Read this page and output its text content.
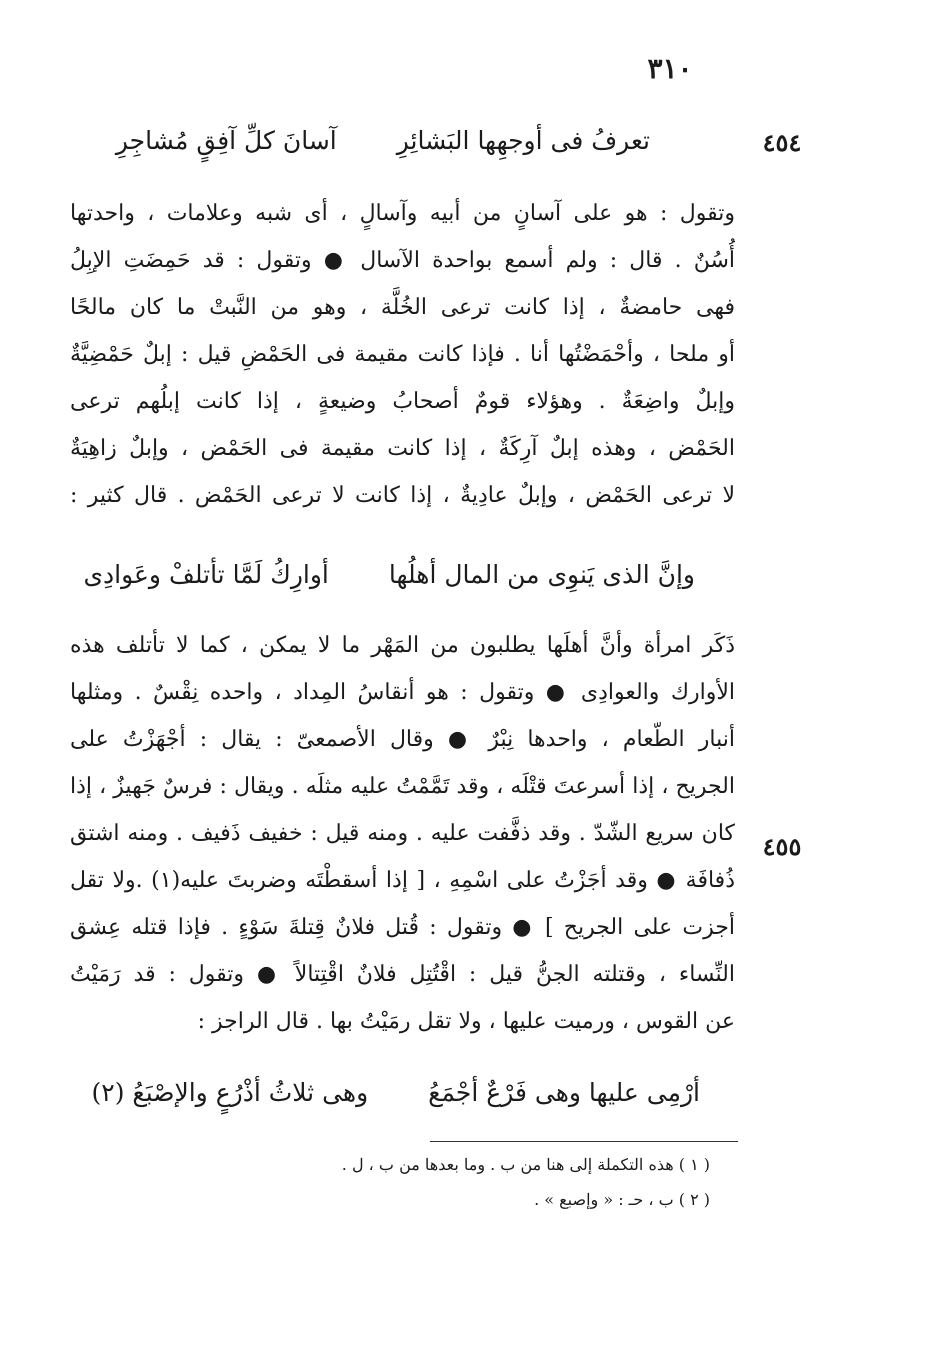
٣١٠
٤٥٤
تعرفُ فى أوجهِها البَشائِرِ
آسانَ كلِّ آفِقٍ مُشاجِرِ
وتقول : هو على آسانٍ من أبيه وآسالٍ ، أى شبه وعلامات ، واحدتها
أُسُنٌ . قال : ولم أسمع بواحدة الآسال ● وتقول : قد حَمِضَتِ الإبِلُ
فهى حامضةٌ ، إذا كانت ترعى الخُلَّة ، وهو من النَّبتْ ما كان مالحًا
أو ملحا ، وأحْمَضْتُها أنا . فإذا كانت مقيمة فى الحَمْضِ قيل : إبلٌ حَمْضِيَّةٌ
وإبلٌ واضِعَةٌ . وهؤلاء قومٌ أصحابُ وضيعةٍ ، إذا كانت إبلُهم ترعى
الحَمْض ، وهذه إبلٌ آرِكَةٌ ، إذا كانت مقيمة فى الحَمْض ، وإبلٌ زاهِيَةٌ
لا ترعى الحَمْض ، وإبلٌ عادِيةٌ ، إذا كانت لا ترعى الحَمْض . قال كثير :
وإنَّ الذى يَنوِى من المال أهلُها
أوارِكُ لَمَّا تأتلفْ وعَوادِى
٤٥٥
ذَكَر امرأة وأنَّ أهلَها يطلبون من المَهْر ما لا يمكن ، كما لا تأتلف هذه
الأوارك والعوادِى ● وتقول : هو أنقاسُ المِداد ، واحده نِقْسٌ . ومثلها
أنبار الطّعام ، واحدها نِبْرٌ ● وقال الأصمعىّ : يقال : أجْهَزْتُ على
الجريح ، إذا أسرعتَ قتْلَه ، وقد تَمَّمْتُ عليه مثلَه . ويقال : فرسٌ جَهيزٌ ، إذا
كان سريع الشّدّ . وقد ذفَّفت عليه . ومنه قيل : خفيف ذَفيف . ومنه اشتق
ذُفافَة ● وقد أجَزْتُ على اسْمِهِ ، [ إذا أسقطْتَه وضربتَ عليه(١) .ولا تقل
أجزت على الجريح ] ● وتقول : قُتل فلانٌ قِتلةَ سَوْءٍ . فإذا قتله عِشق
النِّساء ، وقتلته الجنُّ قيل : اقْتُتِل فلانٌ اقْتِتالاً ● وتقول : قد رَمَيْتُ
عن القوس ، ورميت عليها ، ولا تقل رمَيْتُ بها . قال الراجز :
أرْمِى عليها وهى فَرْعٌ أجْمَعُ
وهى ثلاثُ أذْرُعٍ والإصْبَعُ (٢)
( ١ ) هذه التكملة إلى هنا من ب . وما بعدها من ب ، ل .
( ٢ ) ب ، حـ : « وإصبع » .
